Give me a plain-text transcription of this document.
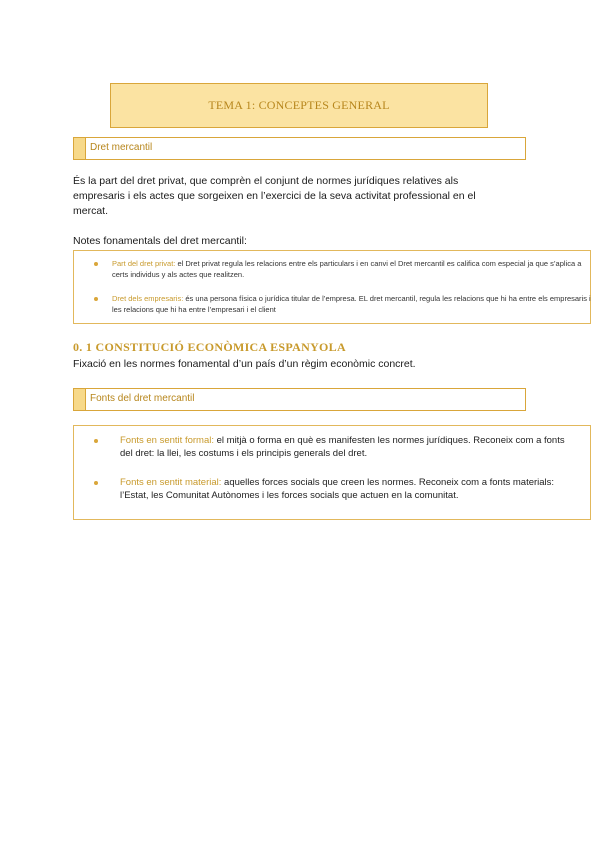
TEMA 1: CONCEPTES GENERAL
Dret mercantil
És la part del dret privat, que comprèn el conjunt de normes jurídiques relatives als empresaris i els actes que sorgeixen en l’exercici de la seva activitat professional en el mercat.
Notes fonamentals del dret mercantil:
Part del dret privat: el Dret privat regula les relacions entre els particulars i en canvi el Dret mercantil es califica com especial ja que s’aplica a certs individus y als actes que realitzen.
Dret dels empresaris: és una persona física o jurídica titular de l’empresa. EL dret mercantil, regula les relacions que hi ha entre els empresaris i les relacions que hi ha entre l’empresari i el client
0. 1 CONSTITUCIÓ ECONÒMICA ESPANYOLA
Fixació en les normes fonamental d’un país d’un règim econòmic concret.
Fonts del dret mercantil
Fonts en sentit formal: el mitjà o forma en què es manifesten les normes jurídiques. Reconeix com a fonts del dret: la llei, les costums i els principis generals del dret.
Fonts en sentit material: aquelles forces socials que creen les normes. Reconeix com a fonts materials: l’Estat, les Comunitat Autònomes i les forces socials que actuen en la comunitat.
